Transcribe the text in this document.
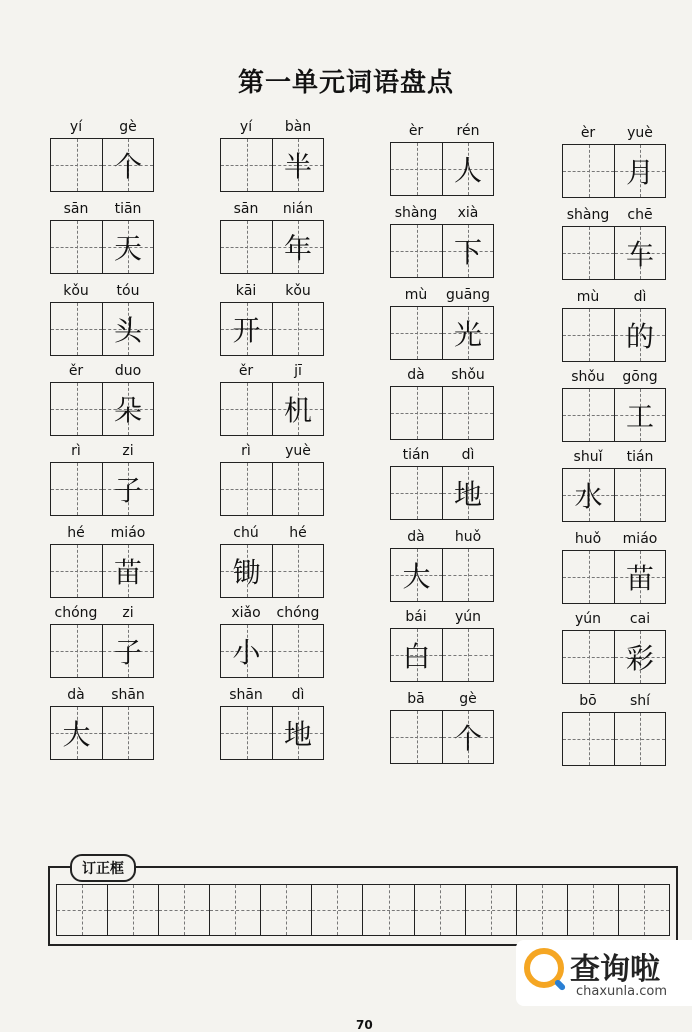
第一单元词语盘点
yí	gè
个
sān tiān
天
kǒu tóu
头
ěr duo
朵
rì	zi
子
hé miáo
苗
chóng zi
子
dà shān
大
yí bàn
半
sān nián
年
kāi kǒu
开
ěr	jī
机
rì yuè
chú hé
锄
xiǎo chóng
小
shān dì
地
èr rén
人
shàng xià
下
mù guāng
光
dà shǒu
tián dì
地
dà huǒ
大
bái yún
白
bā gè
个
èr yuè
月
shàng chē
车
mù dì
的
shǒu gōng
工
shuǐ tián
水
huǒ miáo
苗
yún cai
彩
bō shí
订正框
查询啦
chaxunla.com
70
